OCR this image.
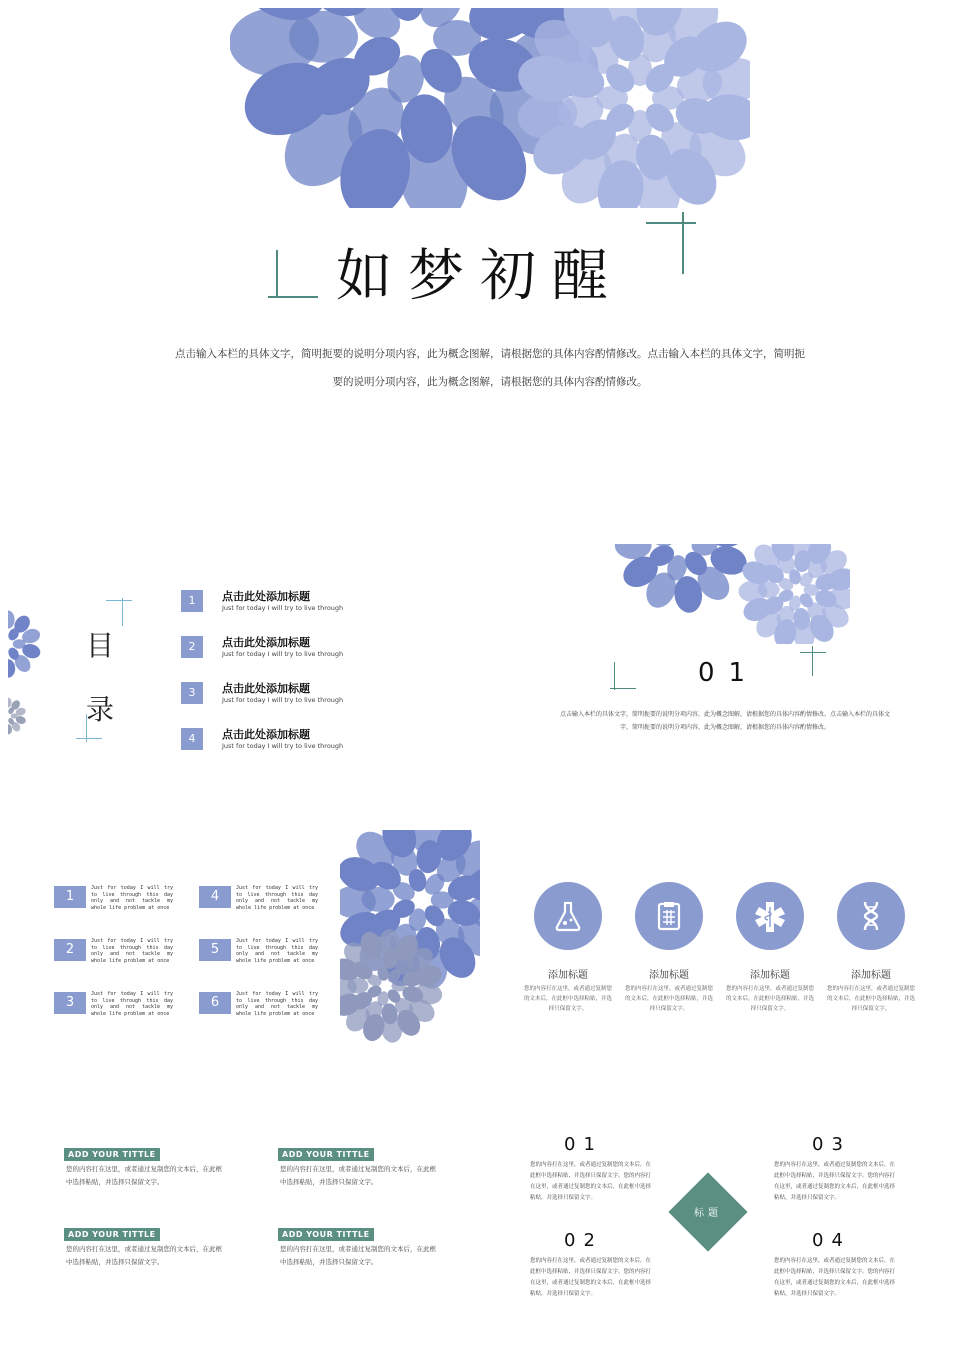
如梦初醒
点击输入本栏的具体文字，简明扼要的说明分项内容，此为概念图解，请根据您的具体内容酌情修改。点击输入本栏的具体文字，简明扼要的说明分项内容，此为概念图解，请根据您的具体内容酌情修改。
目
录
1	点击此处添加标题
Just for today I will try to live through
2	点击此处添加标题
Just for today I will try to live through
3	点击此处添加标题
Just for today I will try to live through
4	点击此处添加标题
Just for today I will try to live through
01
点击输入本栏的具体文字，简明扼要的说明分项内容，此为概念图解，请根据您的具体内容酌情修改。点击输入本栏的具体文字，简明扼要的说明分项内容，此为概念图解，请根据您的具体内容酌情修改。
1
Just for today I will try to live through this day only and not tackle my whole life problem at once
4
Just for today I will try to live through this day only and not tackle my whole life problem at once
2
Just for today I will try to live through this day only and not tackle my whole life problem at once
5
Just for today I will try to live through this day only and not tackle my whole life problem at once
3
Just for today I will try to live through this day only and not tackle my whole life problem at once
6
Just for today I will try to live through this day only and not tackle my whole life problem at once
添加标题
您的内容打在这里，或者通过复制您的文本后，在此框中选择粘贴，并选择只保留文字。
添加标题
您的内容打在这里，或者通过复制您的文本后，在此框中选择粘贴，并选择只保留文字。
添加标题
您的内容打在这里，或者通过复制您的文本后，在此框中选择粘贴，并选择只保留文字。
添加标题
您的内容打在这里，或者通过复制您的文本后，在此框中选择粘贴，并选择只保留文字。
ADD YOUR TITTLE
您的内容打在这里，或者通过复制您的文本后，在此框中选择粘贴，并选择只保留文字。
ADD YOUR TITTLE
您的内容打在这里，或者通过复制您的文本后，在此框中选择粘贴，并选择只保留文字。
ADD YOUR TITTLE
您的内容打在这里，或者通过复制您的文本后，在此框中选择粘贴，并选择只保留文字。
ADD YOUR TITTLE
您的内容打在这里，或者通过复制您的文本后，在此框中选择粘贴，并选择只保留文字。
标题
01
您的内容打在这里，或者通过复制您的文本后，在此框中选择粘贴，并选择只保留文字。您的内容打在这里，或者通过复制您的文本后，在此框中选择粘贴，并选择只保留文字。
03
您的内容打在这里，或者通过复制您的文本后，在此框中选择粘贴，并选择只保留文字。您的内容打在这里，或者通过复制您的文本后，在此框中选择粘贴，并选择只保留文字。
02
您的内容打在这里，或者通过复制您的文本后，在此框中选择粘贴，并选择只保留文字。您的内容打在这里，或者通过复制您的文本后，在此框中选择粘贴，并选择只保留文字。
04
您的内容打在这里，或者通过复制您的文本后，在此框中选择粘贴，并选择只保留文字。您的内容打在这里，或者通过复制您的文本后，在此框中选择粘贴，并选择只保留文字。
